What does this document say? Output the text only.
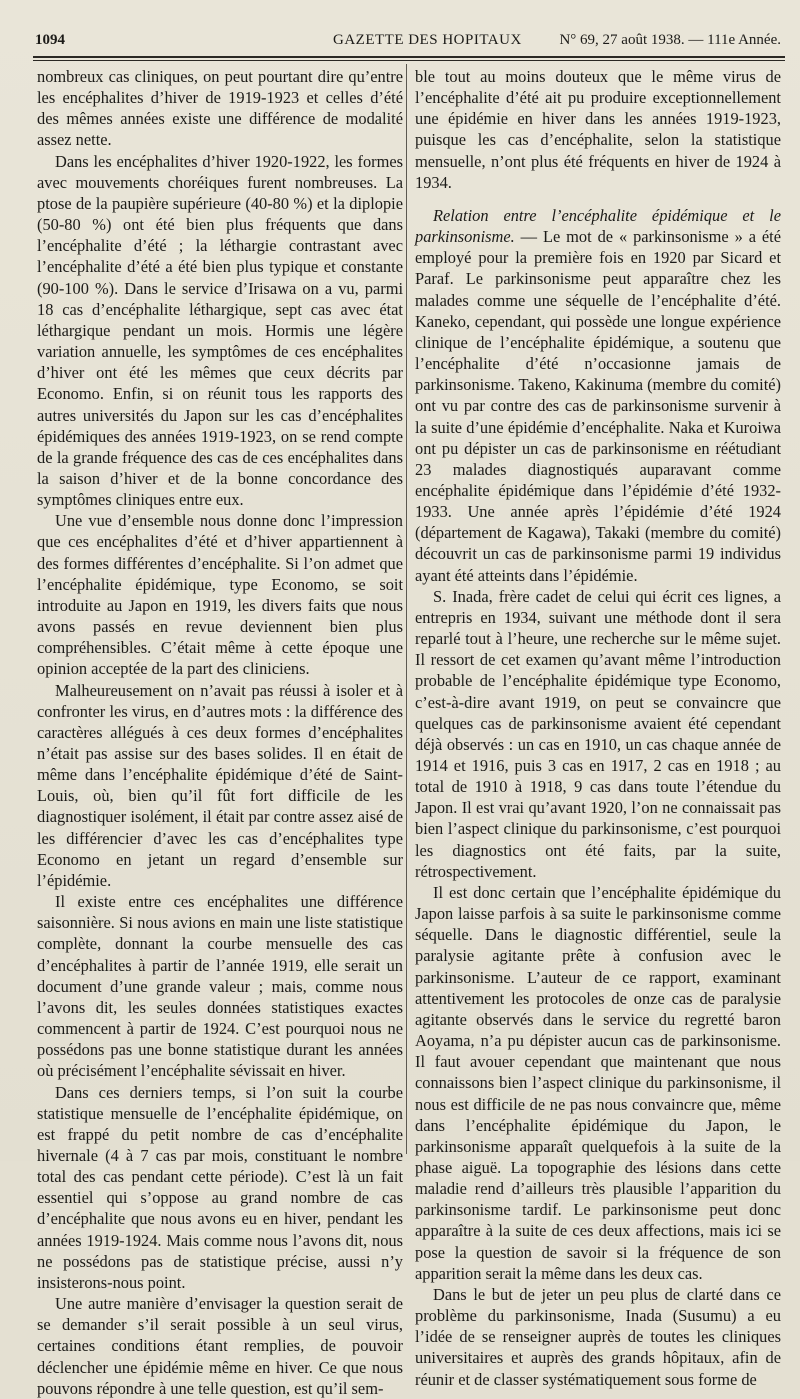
1094	GAZETTE DES HOPITAUX	N° 69, 27 août 1938. — 111e Année.

nombreux cas cliniques, on peut pourtant dire qu’entre les encéphalites d’hiver de 1919-1923 et celles d’été des mêmes années existe une différence de modalité assez nette.

Dans les encéphalites d’hiver 1920-1922, les formes avec mouvements choréiques furent nombreuses. La ptose de la paupière supérieure (40-80 %) et la diplopie (50-80 %) ont été bien plus fréquents que dans l’encéphalite d’été ; la léthargie contrastant avec l’encéphalite d’été a été bien plus typique et constante (90-100 %). Dans le service d’Irisawa on a vu, parmi 18 cas d’encéphalite léthargique, sept cas avec état léthargique pendant un mois. Hormis une légère variation annuelle, les symptômes de ces encéphalites d’hiver ont été les mêmes que ceux décrits par Economo. Enfin, si on réunit tous les rapports des autres universités du Japon sur les cas d’encéphalites épidémiques des années 1919-1923, on se rend compte de la grande fréquence des cas de ces encéphalites dans la saison d’hiver et de la bonne concordance des symptômes cliniques entre eux.

Une vue d’ensemble nous donne donc l’impression que ces encéphalites d’été et d’hiver appartiennent à des formes différentes d’encéphalite. Si l’on admet que l’encéphalite épidémique, type Economo, se soit introduite au Japon en 1919, les divers faits que nous avons passés en revue deviennent bien plus compréhensibles. C’était même à cette époque une opinion acceptée de la part des cliniciens.

Malheureusement on n’avait pas réussi à isoler et à confronter les virus, en d’autres mots : la différence des caractères allégués à ces deux formes d’encéphalites n’était pas assise sur des bases solides. Il en était de même dans l’encéphalite épidémique d’été de Saint-Louis, où, bien qu’il fût fort difficile de les diagnostiquer isolément, il était par contre assez aisé de les différencier d’avec les cas d’encéphalites type Economo en jetant un regard d’ensemble sur l’épidémie.

Il existe entre ces encéphalites une différence saisonnière. Si nous avions en main une liste statistique complète, donnant la courbe mensuelle des cas d’encéphalites à partir de l’année 1919, elle serait un document d’une grande valeur ; mais, comme nous l’avons dit, les seules données statistiques exactes commencent à partir de 1924. C’est pourquoi nous ne possédons pas une bonne statistique durant les années où précisément l’encéphalite sévissait en hiver.

Dans ces derniers temps, si l’on suit la courbe statistique mensuelle de l’encéphalite épidémique, on est frappé du petit nombre de cas d’encéphalite hivernale (4 à 7 cas par mois, constituant le nombre total des cas pendant cette période). C’est là un fait essentiel qui s’oppose au grand nombre de cas d’encéphalite que nous avons eu en hiver, pendant les années 1919-1924. Mais comme nous l’avons dit, nous ne possédons pas de statistique précise, aussi n’y insisterons-nous point.

Une autre manière d’envisager la question serait de se demander s’il serait possible à un seul virus, certaines conditions étant remplies, de pouvoir déclencher une épidémie même en hiver. Ce que nous pouvons répondre à une telle question, est qu’il sem-

ble tout au moins douteux que le même virus de l’encéphalite d’été ait pu produire exceptionnellement une épidémie en hiver dans les années 1919-1923, puisque les cas d’encéphalite, selon la statistique mensuelle, n’ont plus été fréquents en hiver de 1924 à 1934.

Relation entre l’encéphalite épidémique et le parkinsonisme. — Le mot de « parkinsonisme » a été employé pour la première fois en 1920 par Sicard et Paraf. Le parkinsonisme peut apparaître chez les malades comme une séquelle de l’encéphalite d’été. Kaneko, cependant, qui possède une longue expérience clinique de l’encéphalite épidémique, a soutenu que l’encéphalite d’été n’occasionne jamais de parkinsonisme. Takeno, Kakinuma (membre du comité) ont vu par contre des cas de parkinsonisme survenir à la suite d’une épidémie d’encéphalite. Naka et Kuroiwa ont pu dépister un cas de parkinsonisme en réétudiant 23 malades diagnostiqués auparavant comme encéphalite épidémique dans l’épidémie d’été 1932-1933. Une année après l’épidémie d’été 1924 (département de Kagawa), Takaki (membre du comité) découvrit un cas de parkinsonisme parmi 19 individus ayant été atteints dans l’épidémie.

S. Inada, frère cadet de celui qui écrit ces lignes, a entrepris en 1934, suivant une méthode dont il sera reparlé tout à l’heure, une recherche sur le même sujet. Il ressort de cet examen qu’avant même l’introduction probable de l’encéphalite épidémique type Economo, c’est-à-dire avant 1919, on peut se convaincre que quelques cas de parkinsonisme avaient été cependant déjà observés : un cas en 1910, un cas chaque année de 1914 et 1916, puis 3 cas en 1917, 2 cas en 1918 ; au total de 1910 à 1918, 9 cas dans toute l’étendue du Japon. Il est vrai qu’avant 1920, l’on ne connaissait pas bien l’aspect clinique du parkinsonisme, c’est pourquoi les diagnostics ont été faits, par la suite, rétrospectivement.

Il est donc certain que l’encéphalite épidémique du Japon laisse parfois à sa suite le parkinsonisme comme séquelle. Dans le diagnostic différentiel, seule la paralysie agitante prête à confusion avec le parkinsonisme. L’auteur de ce rapport, examinant attentivement les protocoles de onze cas de paralysie agitante observés dans le service du regretté baron Aoyama, n’a pu dépister aucun cas de parkinsonisme. Il faut avouer cependant que maintenant que nous connaissons bien l’aspect clinique du parkinsonisme, il nous est difficile de ne pas nous convaincre que, même dans l’encéphalite épidémique du Japon, le parkinsonisme apparaît quelquefois à la suite de la phase aiguë. La topographie des lésions dans cette maladie rend d’ailleurs très plausible l’apparition du parkinsonisme tardif. Le parkinsonisme peut donc apparaître à la suite de ces deux affections, mais ici se pose la question de savoir si la fréquence de son apparition serait la même dans les deux cas.

Dans le but de jeter un peu plus de clarté dans ce problème du parkinsonisme, Inada (Susumu) a eu l’idée de se renseigner auprès de toutes les cliniques universitaires et auprès des grands hôpitaux, afin de réunir et de classer systématiquement sous forme de
